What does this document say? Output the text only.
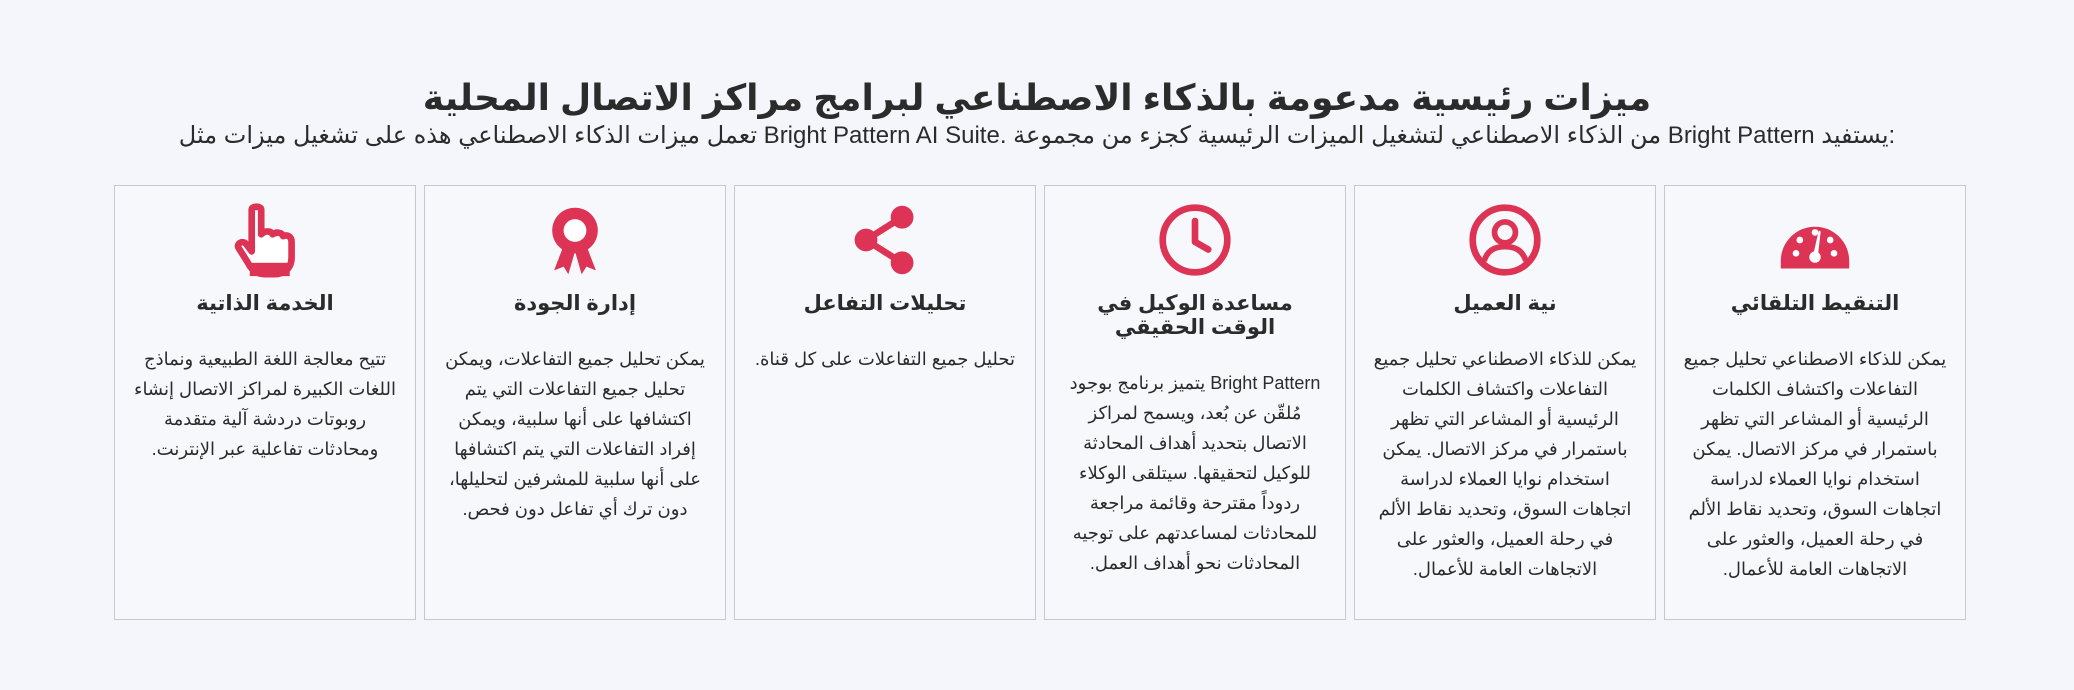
ميزات رئيسية مدعومة بالذكاء الاصطناعي لبرامج مراكز الاتصال المحلية
تعمل ميزات الذكاء الاصطناعي هذه على تشغيل ميزات مثل Bright Pattern AI Suite. من الذكاء الاصطناعي لتشغيل الميزات الرئيسية كجزء من مجموعة Bright Pattern يستفيد:
التنقيط التلقائي
يمكن للذكاء الاصطناعي تحليل جميع التفاعلات واكتشاف الكلمات الرئيسية أو المشاعر التي تظهر باستمرار في مركز الاتصال. يمكن استخدام نوايا العملاء لدراسة اتجاهات السوق، وتحديد نقاط الألم في رحلة العميل، والعثور على الاتجاهات العامة للأعمال.
نية العميل
يمكن للذكاء الاصطناعي تحليل جميع التفاعلات واكتشاف الكلمات الرئيسية أو المشاعر التي تظهر باستمرار في مركز الاتصال. يمكن استخدام نوايا العملاء لدراسة اتجاهات السوق، وتحديد نقاط الألم في رحلة العميل، والعثور على الاتجاهات العامة للأعمال.
مساعدة الوكيل في الوقت الحقيقي
Bright Pattern يتميز برنامج بوجود مُلقّن عن بُعد، ويسمح لمراكز الاتصال بتحديد أهداف المحادثة للوكيل لتحقيقها. سيتلقى الوكلاء ردوداً مقترحة وقائمة مراجعة للمحادثات لمساعدتهم على توجيه المحادثات نحو أهداف العمل.
تحليلات التفاعل
تحليل جميع التفاعلات على كل قناة.
إدارة الجودة
يمكن تحليل جميع التفاعلات، ويمكن تحليل جميع التفاعلات التي يتم اكتشافها على أنها سلبية، ويمكن إفراد التفاعلات التي يتم اكتشافها على أنها سلبية للمشرفين لتحليلها، دون ترك أي تفاعل دون فحص.
الخدمة الذاتية
تتيح معالجة اللغة الطبيعية ونماذج اللغات الكبيرة لمراكز الاتصال إنشاء روبوتات دردشة آلية متقدمة ومحادثات تفاعلية عبر الإنترنت.
